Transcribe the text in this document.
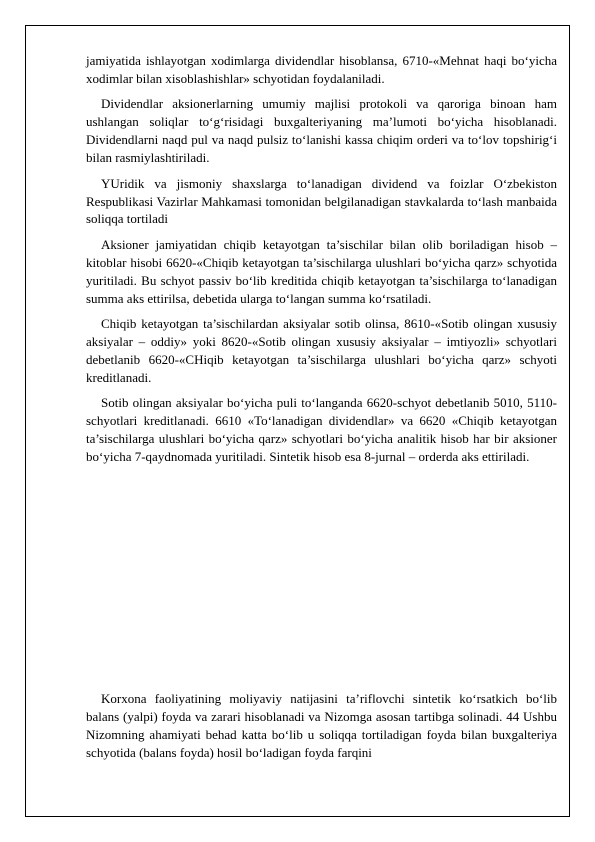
jamiyatida ishlayotgan xodimlarga dividendlar hisoblansa, 6710-«Mehnat haqi bo‘yicha xodimlar bilan xisoblashishlar» schyotidan foydalaniladi.

Dividendlar aksionerlarning umumiy majlisi protokoli va qaroriga binoan ham ushlangan soliqlar to‘g‘risidagi buxgalteriyaning ma’lumoti bo‘yicha hisoblanadi. Dividendlarni naqd pul va naqd pulsiz to‘lanishi kassa chiqim orderi va to‘lov topshirig‘i bilan rasmiylashtiriladi.

YUridik va jismoniy shaxslarga to‘lanadigan dividend va foizlar O‘zbekiston Respublikasi Vazirlar Mahkamasi tomonidan belgilanadigan stavkalarda to‘lash manbaida soliqqa tortiladi

Aksioner jamiyatidan chiqib ketayotgan ta’sischilar bilan olib boriladigan hisob – kitoblar hisobi 6620-«Chiqib ketayotgan ta’sischilarga ulushlari bo‘yicha qarz» schyotida yuritiladi. Bu schyot passiv bo‘lib kreditida chiqib ketayotgan ta’sischilarga to‘lanadigan summa aks ettirilsa, debetida ularga to‘langan summa ko‘rsatiladi.

Chiqib ketayotgan ta’sischilardan aksiyalar sotib olinsa, 8610-«Sotib olingan xususiy aksiyalar – oddiy» yoki 8620-«Sotib olingan xususiy aksiyalar – imtiyozli» schyotlari debetlanib 6620-«CHiqib ketayotgan ta’sischilarga ulushlari bo‘yicha qarz» schyoti kreditlanadi.

Sotib olingan aksiyalar bo‘yicha puli to‘langanda 6620-schyot debetlanib 5010, 5110-schyotlari kreditlanadi. 6610 «To‘lanadigan dividendlar» va 6620 «Chiqib ketayotgan ta’sischilarga ulushlari bo‘yicha qarz» schyotlari bo‘yicha analitik hisob har bir aksioner bo‘yicha 7-qaydnomada yuritiladi. Sintetik hisob esa 8-jurnal – orderda aks ettiriladi.

Korxona faoliyatining moliyaviy natijasini ta’riflovchi sintetik ko‘rsatkich bo‘lib balans (yalpi) foyda va zarari hisoblanadi va Nizomga asosan tartibga solinadi. 44 Ushbu Nizomning ahamiyati behad katta bo‘lib u soliqqa tortiladigan foyda bilan buxgalteriya schyotida (balans foyda) hosil bo‘ladigan foyda farqini
